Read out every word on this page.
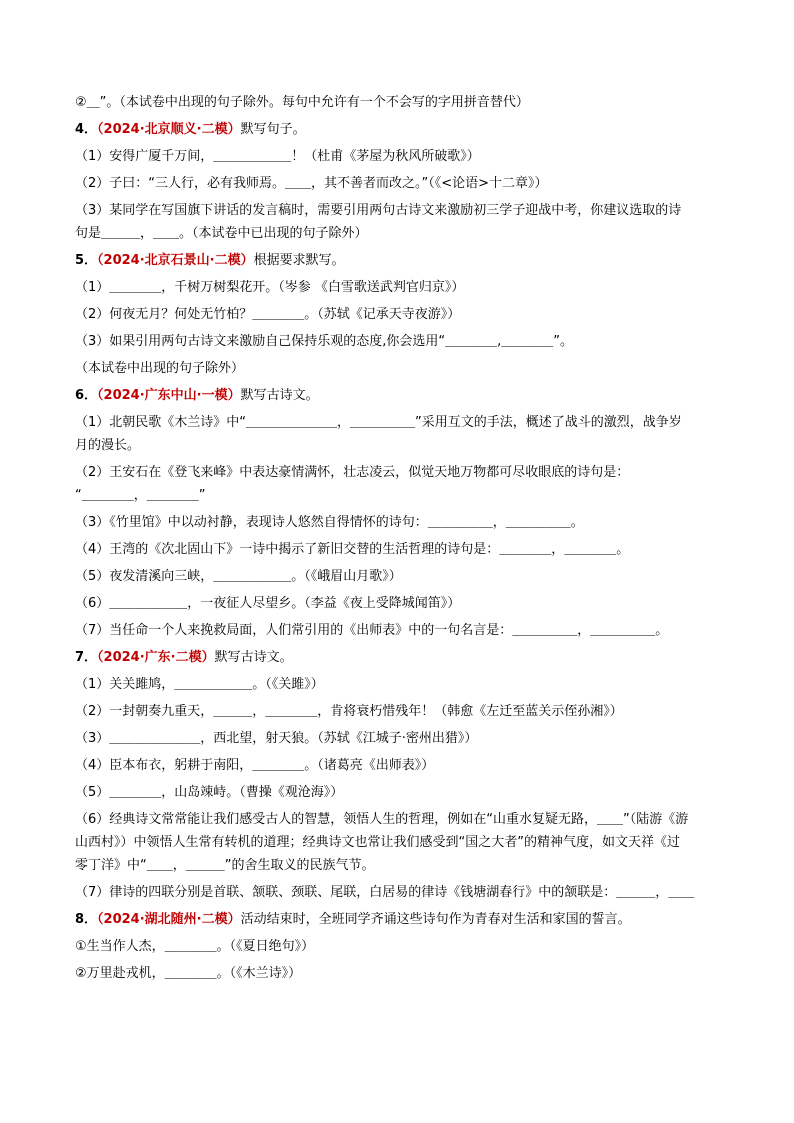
②＿”。（本试卷中出现的句子除外。每句中允许有一个不会写的字用拼音替代）
4．（2024·北京顺义·二模）默写句子。
（1）安得广厦千万间，＿＿＿＿＿＿！（杜甫《茅屋为秋风所破歌》）
（2）子曰：“三人行，必有我师焉。＿＿，其不善者而改之。”（《<论语>十二章》）
（3）某同学在写国旗下讲话的发言稿时，需要引用两句古诗文来激励初三学子迎战中考，你建议选取的诗
句是＿＿＿，＿＿。（本试卷中已出现的句子除外）
5．（2024·北京石景山·二模）根据要求默写。
（1）＿＿＿＿，千树万树梨花开。（岑参 《白雪歌送武判官归京》）
（2）何夜无月？何处无竹柏？＿＿＿＿。（苏轼《记承天寺夜游》）
（3）如果引用两句古诗文来激励自己保持乐观的态度,你会选用“＿＿＿＿,＿＿＿＿”。
（本试卷中出现的句子除外）
6．（2024·广东中山·一模）默写古诗文。
（1）北朝民歌《木兰诗》中“＿＿＿＿＿＿＿，＿＿＿＿＿”采用互文的手法，概述了战斗的激烈，战争岁
月的漫长。
（2）王安石在《登飞来峰》中表达豪情满怀，壮志凌云，似觉天地万物都可尽收眼底的诗句是：
“＿＿＿＿，＿＿＿＿”
（3）《竹里馆》中以动衬静，表现诗人悠然自得情怀的诗句：＿＿＿＿＿，＿＿＿＿＿。
（4）王湾的《次北固山下》一诗中揭示了新旧交替的生活哲理的诗句是：＿＿＿＿，＿＿＿＿。
（5）夜发清溪向三峡，＿＿＿＿＿＿。（《峨眉山月歌》）
（6）＿＿＿＿＿＿，一夜征人尽望乡。（李益《夜上受降城闻笛》）
（7）当任命一个人来挽救局面，人们常引用的《出师表》中的一句名言是：＿＿＿＿＿，＿＿＿＿＿。
7．（2024·广东·二模）默写古诗文。
（1）关关雎鸠，＿＿＿＿＿＿。（《关雎》）
（2）一封朝奏九重天，＿＿＿，＿＿＿＿，肯将衰朽惜残年！（韩愈《左迁至蓝关示侄孙湘》）
（3）＿＿＿＿＿＿＿，西北望，射天狼。（苏轼《江城子·密州出猎》）
（4）臣本布衣，躬耕于南阳，＿＿＿＿。（诸葛亮《出师表》）
（5）＿＿＿＿，山岛竦峙。（曹操《观沧海》）
（6）经典诗文常常能让我们感受古人的智慧，领悟人生的哲理，例如在“山重水复疑无路，＿＿”（陆游《游
山西村》）中领悟人生常有转机的道理；经典诗文也常让我们感受到“国之大者”的精神气度，如文天祥《过
零丁洋》中“＿＿，＿＿＿”的舍生取义的民族气节。
（7）律诗的四联分别是首联、颔联、颈联、尾联，白居易的律诗《钱塘湖春行》中的颔联是：＿＿＿，＿＿
8．（2024·湖北随州·二模）活动结束时，全班同学齐诵这些诗句作为青春对生活和家国的誓言。
①生当作人杰，＿＿＿＿。（《夏日绝句》）
②万里赴戎机，＿＿＿＿。（《木兰诗》）
